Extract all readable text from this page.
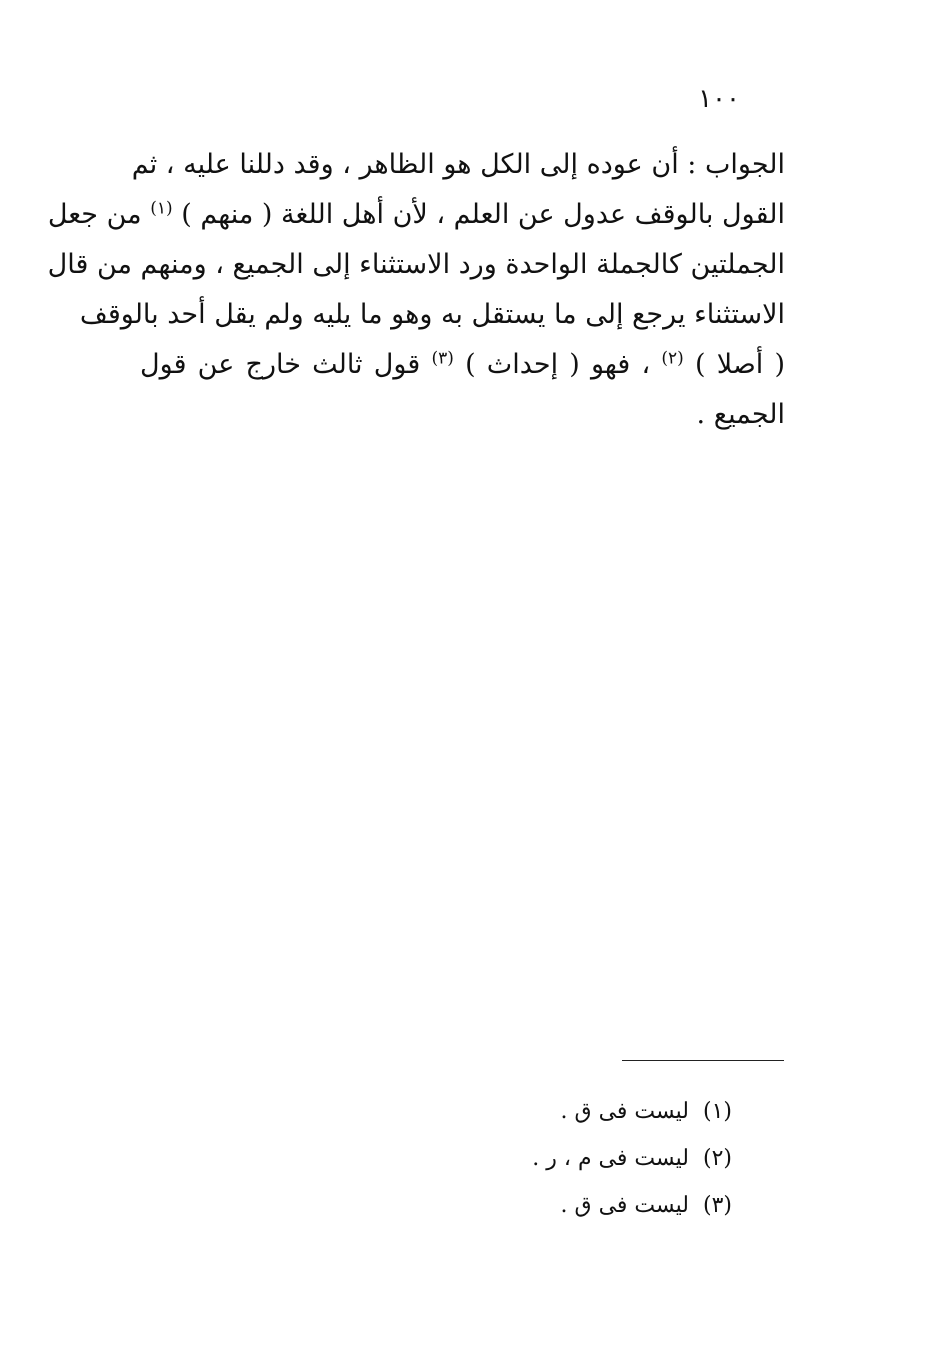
١٠٠
الجواب : أن عوده إلى الكل هو الظاهر ، وقد دللنا عليه ، ثم
القول بالوقف عدول عن العلم ، لأن أهل اللغة ( منهم ) $^{(١)}$ من جعل
الجملتين كالجملة الواحدة ورد الاستثناء إلى الجميع ، ومنهم من قال
الاستثناء يرجع إلى ما يستقل به وهو ما يليه ولم يقل أحد بالوقف
( أصلا ) $^{(٢)}$ ، فهو ( إحداث ) $^{(٣)}$ قول ثالث خارج عن قول
الجميع .
(١)ليست فى ق .
(٢)ليست فى م ، ر .
(٣)ليست فى ق .
